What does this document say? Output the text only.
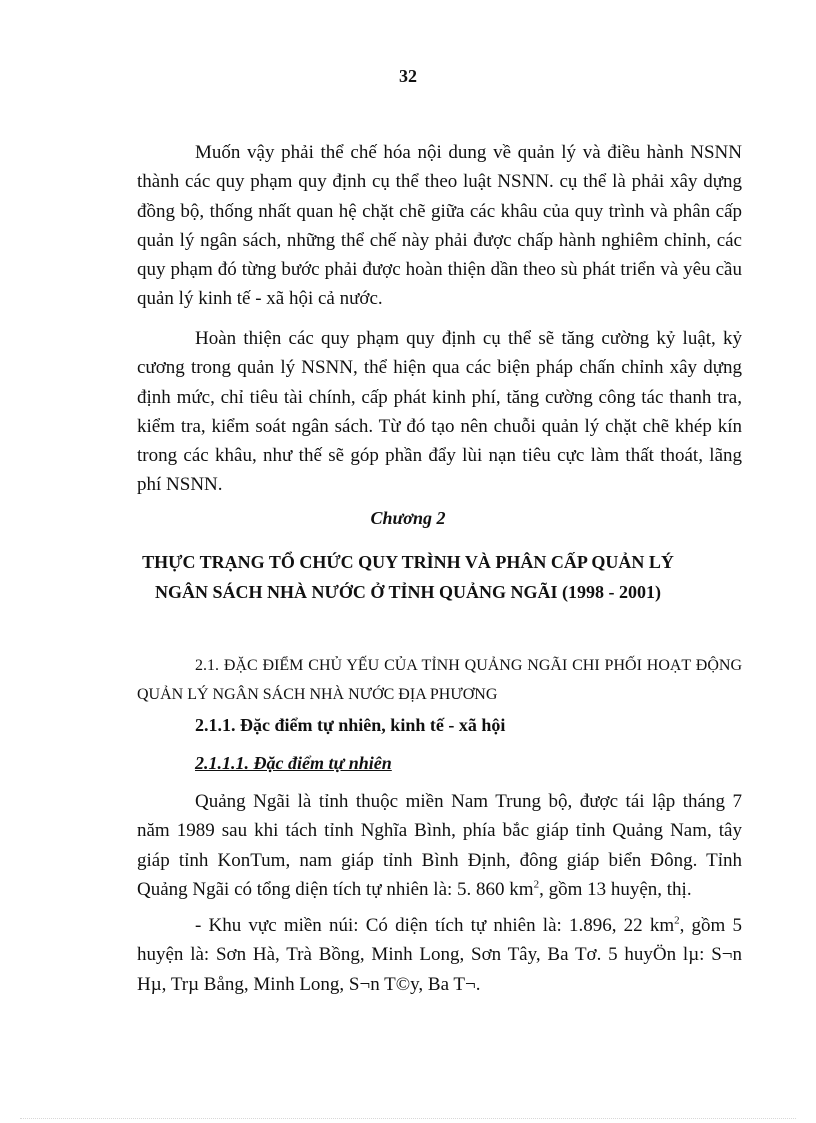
32

Muốn vậy phải thể chế hóa nội dung về quản lý và điều hành NSNN thành các quy phạm quy định cụ thể theo luật NSNN. cụ thể là phải xây dựng đồng bộ, thống nhất quan hệ chặt chẽ giữa các khâu của quy trình và phân cấp quản lý ngân sách, những thể chế này phải được chấp hành nghiêm chỉnh, các quy phạm đó từng bước phải được hoàn thiện dần theo sù phát triển và yêu cầu quản lý kinh tế - xã hội cả nước.

Hoàn thiện các quy phạm quy định cụ thể sẽ tăng cường kỷ luật, kỷ cương trong quản lý NSNN, thể hiện qua các biện pháp chấn chỉnh xây dựng định mức, chỉ tiêu tài chính, cấp phát kinh phí, tăng cường công tác thanh tra, kiểm tra, kiểm soát ngân sách. Từ đó tạo nên chuỗi quản lý chặt chẽ khép kín trong các khâu, như thế sẽ góp phần đẩy lùi nạn tiêu cực làm thất thoát, lãng phí NSNN.

Chương 2
THỰC TRẠNG TỔ CHỨC QUY TRÌNH VÀ PHÂN CẤP QUẢN LÝ
NGÂN SÁCH NHÀ NƯỚC Ở TỈNH QUẢNG NGÃI (1998 - 2001)
2.1. ĐẶC ĐIỂM CHỦ YẾU CỦA TỈNH QUẢNG NGÃI CHI PHỐI HOẠT ĐỘNG QUẢN LÝ NGÂN SÁCH NHÀ NƯỚC ĐỊA PHƯƠNG
2.1.1. Đặc điểm tự nhiên, kinh tế - xã hội
2.1.1.1. Đặc điểm tự nhiên

Quảng Ngãi là tỉnh thuộc miền Nam Trung bộ, được tái lập tháng 7 năm 1989 sau khi tách tỉnh Nghĩa Bình, phía bắc giáp tỉnh Quảng Nam, tây giáp tỉnh KonTum, nam giáp tỉnh Bình Định, đông giáp biển Đông. Tỉnh Quảng Ngãi có tổng diện tích tự nhiên là: 5. 860 $km^2$, gồm 13 huyện, thị.

- Khu vực miền núi: Có diện tích tự nhiên là: 1.896, 22 $km^2$, gồm 5 huyện là: Sơn Hà, Trà Bồng, Minh Long, Sơn Tây, Ba Tơ. 5 huyÖn lµ: S¬n Hµ, Trµ Bång, Minh Long, S¬n T©y, Ba T¬.
